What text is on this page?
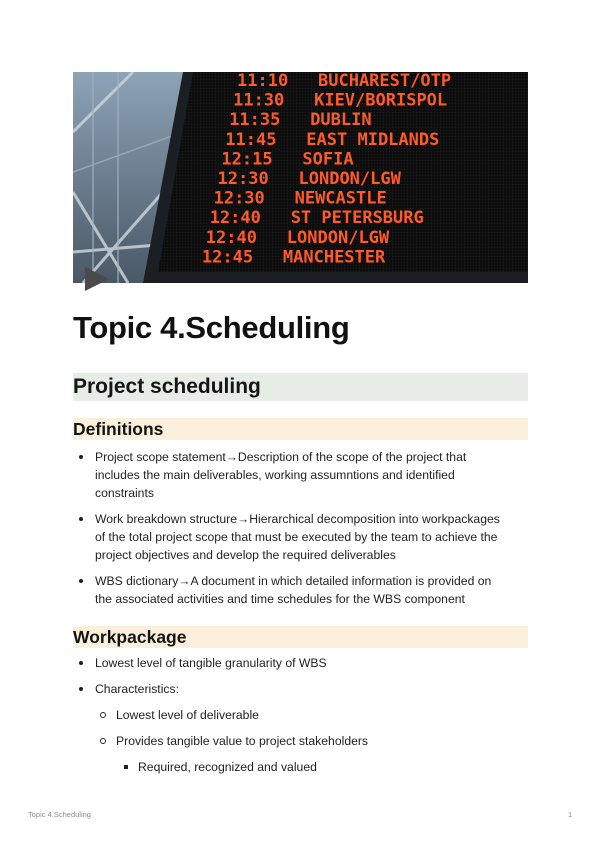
11:10 BUCHAREST/OTP
11:30 KIEV/BORISPOL
11:35 DUBLIN
11:45 EAST MIDLANDS
12:15 SOFIA
12:30 LONDON/LGW
12:30 NEWCASTLE
12:40 ST PETERSBURG
12:40 LONDON/LGW
12:45 MANCHESTER
Topic 4.Scheduling
Project scheduling
Definitions
Project scope statement→Description of the scope of the project that
includes the main deliverables, working assumntions and identified
constraints
Work breakdown structure→Hierarchical decomposition into workpackages
of the total project scope that must be executed by the team to achieve the
project objectives and develop the required deliverables
WBS dictionary→A document in which detailed information is provided on
the associated activities and time schedules for the WBS component
Workpackage
Lowest level of tangible granularity of WBS
Characteristics:
Lowest level of deliverable
Provides tangible value to project stakeholders
Required, recognized and valued
Topic 4.Scheduling	1
